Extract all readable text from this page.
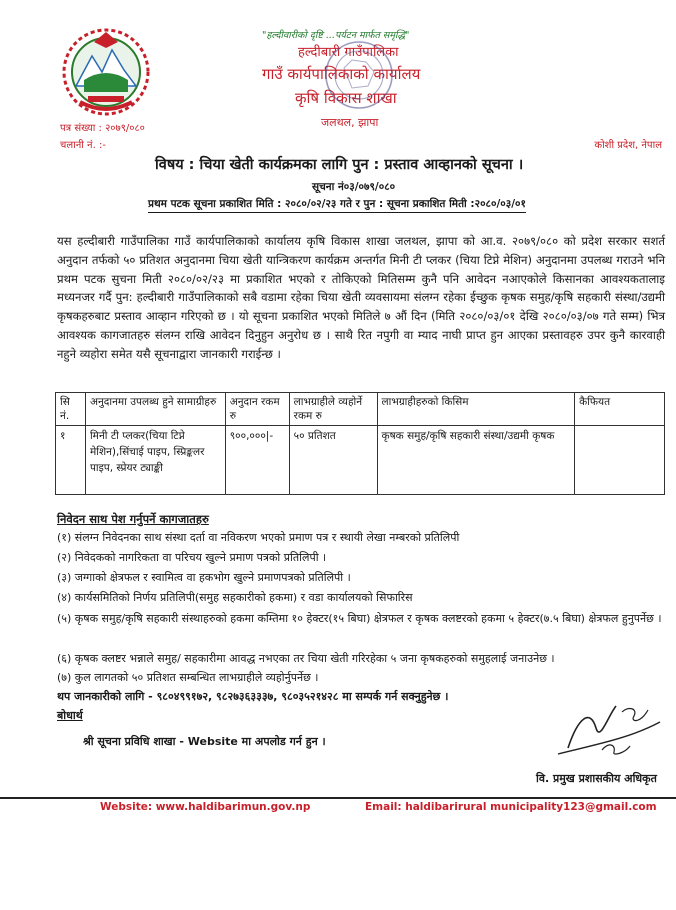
"हल्दीवारीको दृष्टि ...पर्यटन मार्फत समृद्धि"
हल्दीबारी गाउँपालिका
गाउँ कार्यपालिकाको कार्यालय
कृषि विकास शाखा
जलथल, झापा
पत्र संख्या : २०७९/०८०
चलानी नं. :-	कोशी प्रदेश, नेपाल
विषय : चिया खेती कार्यक्रमका लागि पुन : प्रस्ताव आव्हानको सूचना ।
सूचना नं०३/०७९/०८०
प्रथम पटक सूचना प्रकाशित मिति : २०८०/०२/२३ गते र पुन : सूचना प्रकाशित मिती :२०८०/०३/०१
यस हल्दीबारी गाउँपालिका गाउँ कार्यपालिकाको कार्यालय कृषि विकास शाखा जलथल, झापा को आ.व. २०७९/०८० को प्रदेश सरकार सशर्त अनुदान तर्फको ५० प्रतिशत अनुदानमा चिया खेती यान्त्रिकरण कार्यक्रम अन्तर्गत मिनी टी प्लकर (चिया टिप्ने मेशिन) अनुदानमा उपलब्ध गराउने भनि प्रथम पटक सुचना मिती २०८०/०२/२३ मा प्रकाशित भएको र तोकिएको मितिसम्म कुनै पनि आवेदन नआएकोले किसानका आवश्यकतालाइ मध्यनजर गर्दै पुन: हल्दीबारी गाउँपालिकाको सबै वडामा रहेका चिया खेती व्यवसायमा संलग्न रहेका ईच्छुक कृषक समुह/कृषि सहकारी संस्था/उद्यमी कृषकहरुबाट प्रस्ताव आव्हान गरिएको छ । यो सूचना प्रकाशित भएको मितिले ७ औं दिन (मिति २०८०/०३/०१ देखि २०८०/०३/०७ गते सम्म) भित्र आवश्यक कागजातहरु संलग्न राखि आवेदन दिनुहुन अनुरोध छ । साथै रित नपुगी वा म्याद नाघी प्राप्त हुन आएका प्रस्तावहरु उपर कुनै कारवाही नहुने व्यहोरा समेत यसै सूचनाद्वारा जानकारी गराईन्छ ।
सि नं.	अनुदानमा उपलब्ध हुने सामाग्रीहरु	अनुदान रकम रु	लाभग्राहीले व्यहोर्ने रकम रु	लाभग्राहीहरुको किसिम	कैफियत
१	मिनी टी प्लकर(चिया टिप्ने मेशिन),सिंचाई पाइप, स्प्रिङ्कलर पाइप, स्प्रेयर ट्याङ्की	९००,०००|-	५० प्रतिशत	कृषक समुह/कृषि सहकारी संस्था/उद्यमी कृषक	
निवेदन साथ पेश गर्नुपर्ने कागजातहरु
(१) संलग्न निवेदनका साथ संस्था दर्ता वा नविकरण भएको प्रमाण पत्र र स्थायी लेखा नम्बरको प्रतिलिपी
(२) निवेदकको नागरिकता वा परिचय खुल्ने प्रमाण पत्रको प्रतिलिपी ।
(३) जग्गाको क्षेत्रफल र स्वामित्व वा हकभोग खुल्ने प्रमाणपत्रको प्रतिलिपी ।
(४) कार्यसमितिको निर्णय प्रतिलिपी(समुह सहकारीको हकमा) र वडा कार्यालयको सिफारिस
(५) कृषक समुह/कृषि सहकारी संस्थाहरुको हकमा कम्तिमा १० हेक्टर(१५ बिघा) क्षेत्रफल र कृषक क्लष्टरको हकमा ५ हेक्टर(७.५ बिघा) क्षेत्रफल हुनुपर्नेछ ।
(६) कृषक क्लष्टर भन्नाले समुह/ सहकारीमा आवद्ध नभएका तर चिया खेती गरिरहेका ५ जना कृषकहरुको समुहलाई जनाउनेछ ।
(७) कुल लागतको ५० प्रतिशत सम्बन्धित लाभग्राहीले व्यहोर्नुपर्नेछ ।
थप जानकारीको लागि - ९८०४९९१७२, ९८२७३६३३३७, ९८०३५२१४२८ मा सम्पर्क गर्न सक्नुहुनेछ ।
बोधार्थ
श्री सूचना प्रविधि शाखा - Website मा अपलोड गर्न हुन ।
वि. प्रमुख प्रशासकीय अधिकृत
Website: www.haldibarimun.gov.np	Email: haldibarirural municipality123@gmail.com
